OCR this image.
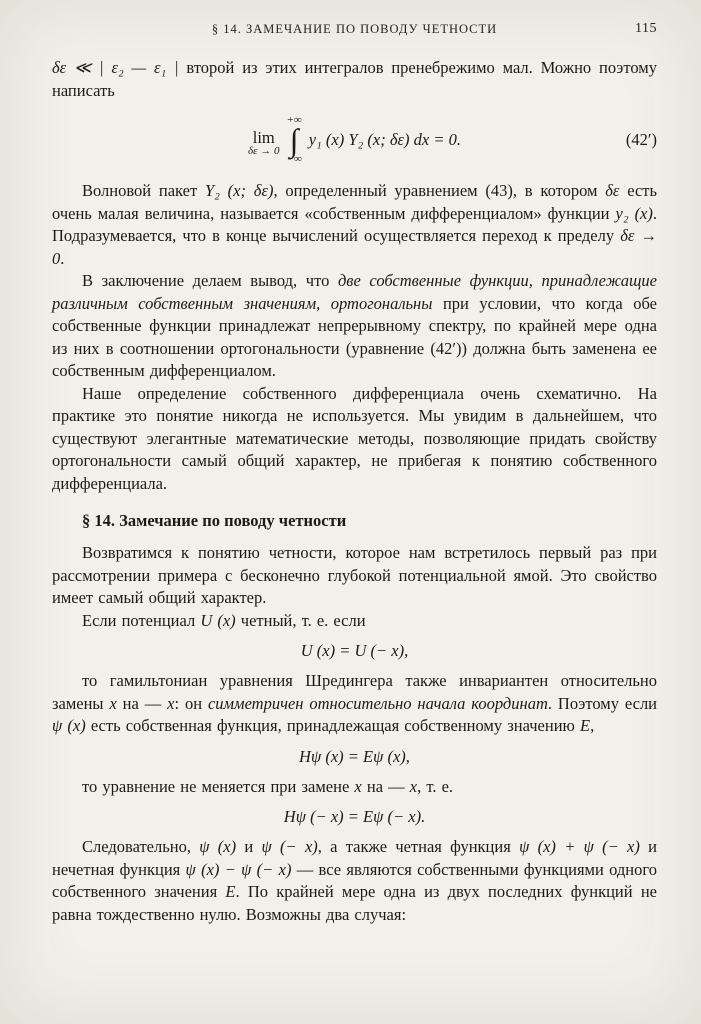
§ 14. ЗАМЕЧАНИЕ ПО ПОВОДУ ЧЕТНОСТИ	115

δε ≪ | ε₂ — ε₁ | второй из этих интегралов пренебрежимо мал. Можно поэтому написать

lim
δε → 0
+∞
∫
−∞
y₁ (x) Y₂ (x; δε) dx = 0.	(42′)

Волновой пакет Y₂ (x; δε), определенный уравнением (43), в котором δε есть очень малая величина, называется «собственным дифференциалом» функции y₂ (x). Подразумевается, что в конце вычислений осуществляется переход к пределу δε → 0.

В заключение делаем вывод, что две собственные функции, принадлежащие различным собственным значениям, ортогональны при условии, что когда обе собственные функции принадлежат непрерывному спектру, по крайней мере одна из них в соотношении ортогональности (уравнение (42′)) должна быть заменена ее собственным дифференциалом.

Наше определение собственного дифференциала очень схематично. На практике это понятие никогда не используется. Мы увидим в дальнейшем, что существуют элегантные математические методы, позволяющие придать свойству ортогональности самый общий характер, не прибегая к понятию собственного дифференциала.

§ 14. Замечание по поводу четности

Возвратимся к понятию четности, которое нам встретилось первый раз при рассмотрении примера с бесконечно глубокой потенциальной ямой. Это свойство имеет самый общий характер.

Если потенциал U (x) четный, т. е. если

U (x) = U (− x),

то гамильтониан уравнения Шредингера также инвариантен относительно замены x на — x: он симметричен относительно начала координат. Поэтому если ψ (x) есть собственная функция, принадлежащая собственному значению E,

Hψ (x) = Eψ (x),

то уравнение не меняется при замене x на — x, т. е.

Hψ (− x) = Eψ (− x).

Следовательно, ψ (x) и ψ (− x), а также четная функция ψ (x) + ψ (− x) и нечетная функция ψ (x) − ψ (− x) — все являются собственными функциями одного собственного значения E. По крайней мере одна из двух последних функций не равна тождественно нулю. Возможны два случая:
